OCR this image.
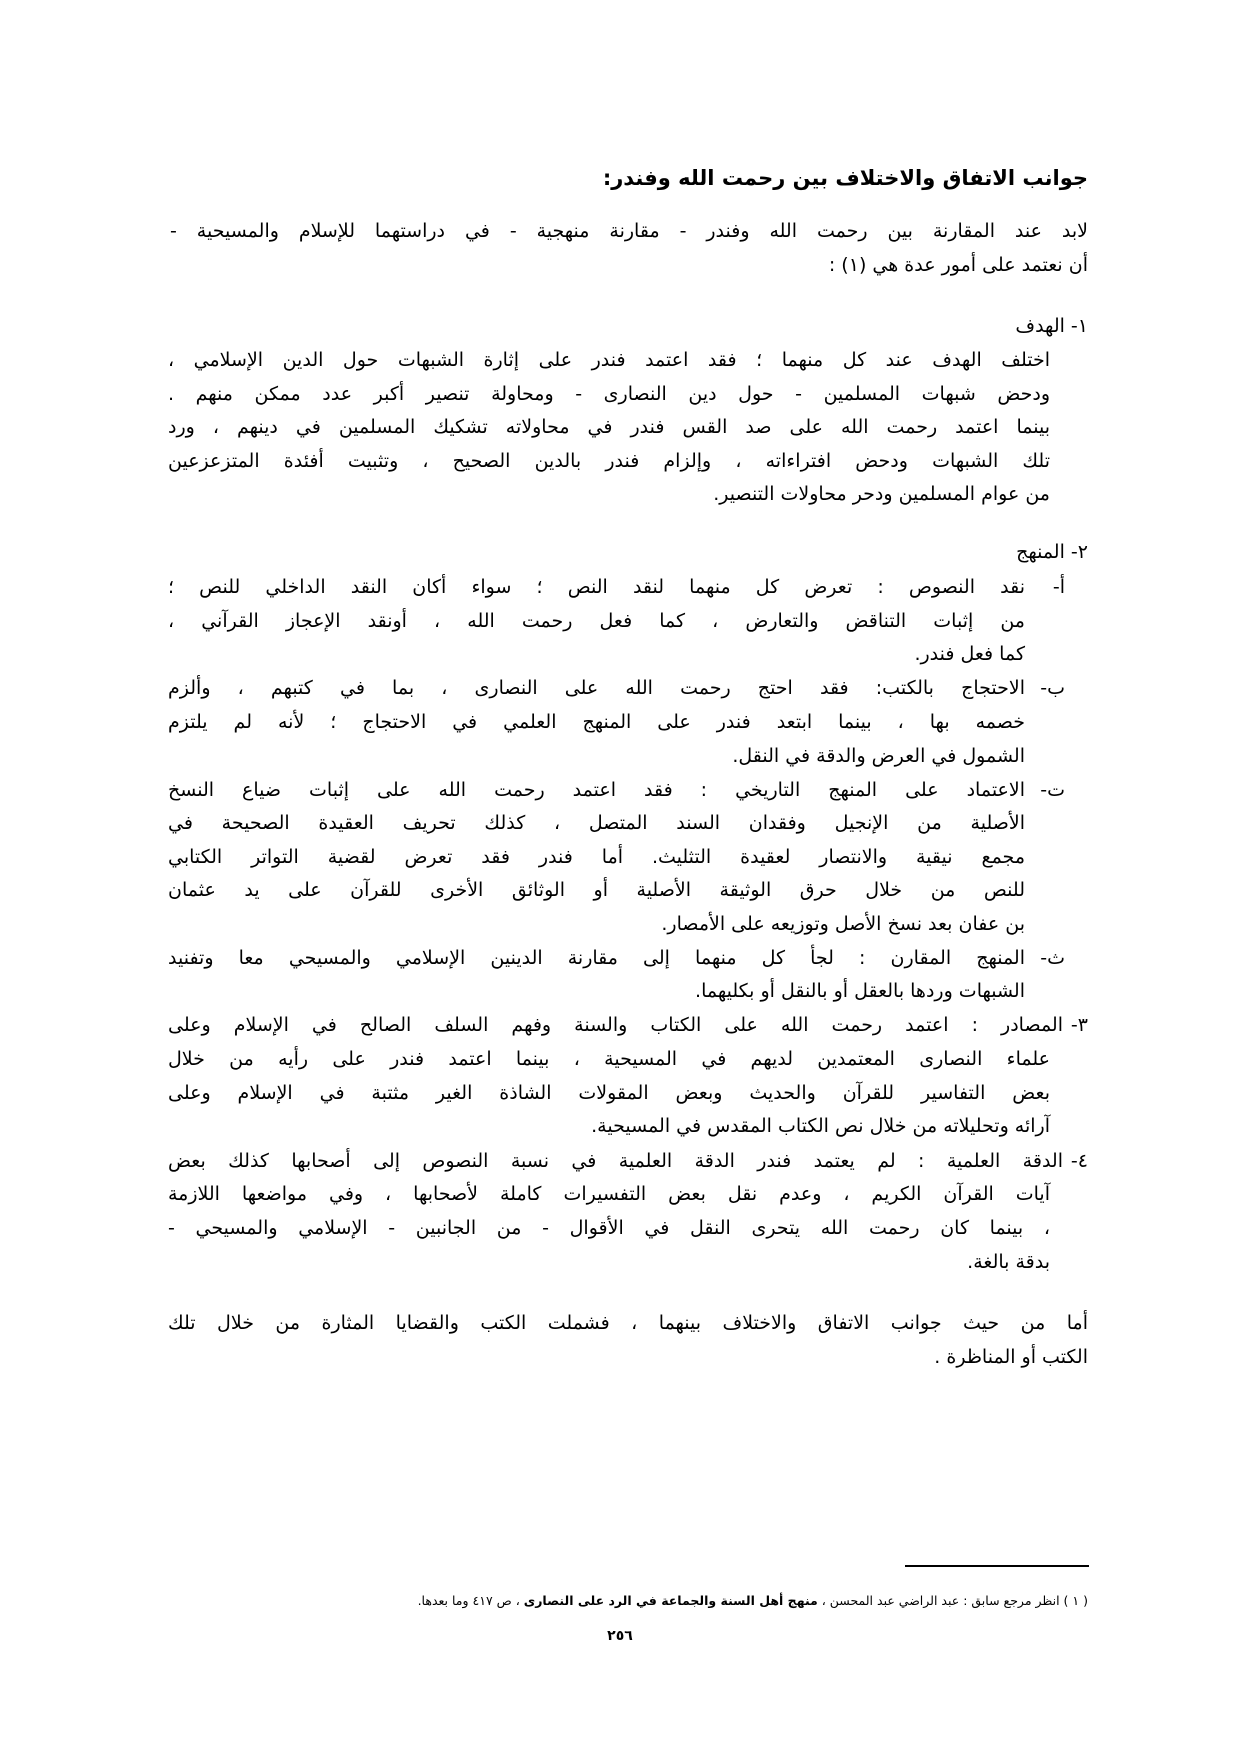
جوانب الاتفاق والاختلاف بين رحمت الله وفندر:
لابد عند المقارنة بين رحمت الله وفندر - مقارنة منهجية - في دراستهما للإسلام والمسيحية -
أن نعتمد على أمور عدة هي (١) :
١- الهدف
اختلف الهدف عند كل منهما ؛ فقد اعتمد فندر على إثارة الشبهات حول الدين الإسلامي ،
ودحض شبهات المسلمين - حول دين النصارى - ومحاولة تنصير أكبر عدد ممكن منهم .
بينما اعتمد رحمت الله على صد القس فندر في محاولاته تشكيك المسلمين في دينهم ، ورد
تلك الشبهات ودحض افتراءاته ، وإلزام فندر بالدين الصحيح ، وتثبيت أفئدة المتزعزعين
من عوام المسلمين ودحر محاولات التنصير.
٢- المنهج
أ-
نقد النصوص : تعرض كل منهما لنقد النص ؛ سواء أكان النقد الداخلي للنص ؛
من إثبات التناقض والتعارض ، كما فعل رحمت الله ، أونقد الإعجاز القرآني ،
كما فعل فندر.
ب-
الاحتجاج بالكتب: فقد احتج رحمت الله على النصارى ، بما في كتبهم ، وألزم
خصمه بها ، بينما ابتعد فندر على المنهج العلمي في الاحتجاج ؛ لأنه لم يلتزم
الشمول في العرض والدقة في النقل.
ت-
الاعتماد على المنهج التاريخي : فقد اعتمد رحمت الله على إثبات ضياع النسخ
الأصلية من الإنجيل وفقدان السند المتصل ، كذلك تحريف العقيدة الصحيحة في
مجمع نيقية والانتصار لعقيدة التثليث. أما فندر فقد تعرض لقضية التواتر الكتابي
للنص من خلال حرق الوثيقة الأصلية أو الوثائق الأخرى للقرآن على يد عثمان
بن عفان بعد نسخ الأصل وتوزيعه على الأمصار.
ث-
المنهج المقارن : لجأ كل منهما إلى مقارنة الدينين الإسلامي والمسيحي معا وتفنيد
الشبهات وردها بالعقل أو بالنقل أو بكليهما.
٣-
المصادر : اعتمد رحمت الله على الكتاب والسنة وفهم السلف الصالح في الإسلام وعلى
علماء النصارى المعتمدين لديهم في المسيحية ، بينما اعتمد فندر على رأيه من خلال
بعض التفاسير للقرآن والحديث وبعض المقولات الشاذة الغير مثتبة في الإسلام وعلى
آرائه وتحليلاته من خلال نص الكتاب المقدس في المسيحية.
٤-
الدقة العلمية : لم يعتمد فندر الدقة العلمية في نسبة النصوص إلى أصحابها كذلك بعض
آيات القرآن الكريم ، وعدم نقل بعض التفسيرات كاملة لأصحابها ، وفي مواضعها اللازمة
، بينما كان رحمت الله يتحرى النقل في الأقوال - من الجانبين - الإسلامي والمسيحي -
بدقة بالغة.
أما من حيث جوانب الاتفاق والاختلاف بينهما ، فشملت الكتب والقضايا المثارة من خلال تلك
الكتب أو المناظرة .
( ١ ) انظر مرجع سابق : عبد الراضي عبد المحسن ، منهج أهل السنة والجماعة في الرد على النصارى ، ص ٤١٧ وما بعدها.
٢٥٦
